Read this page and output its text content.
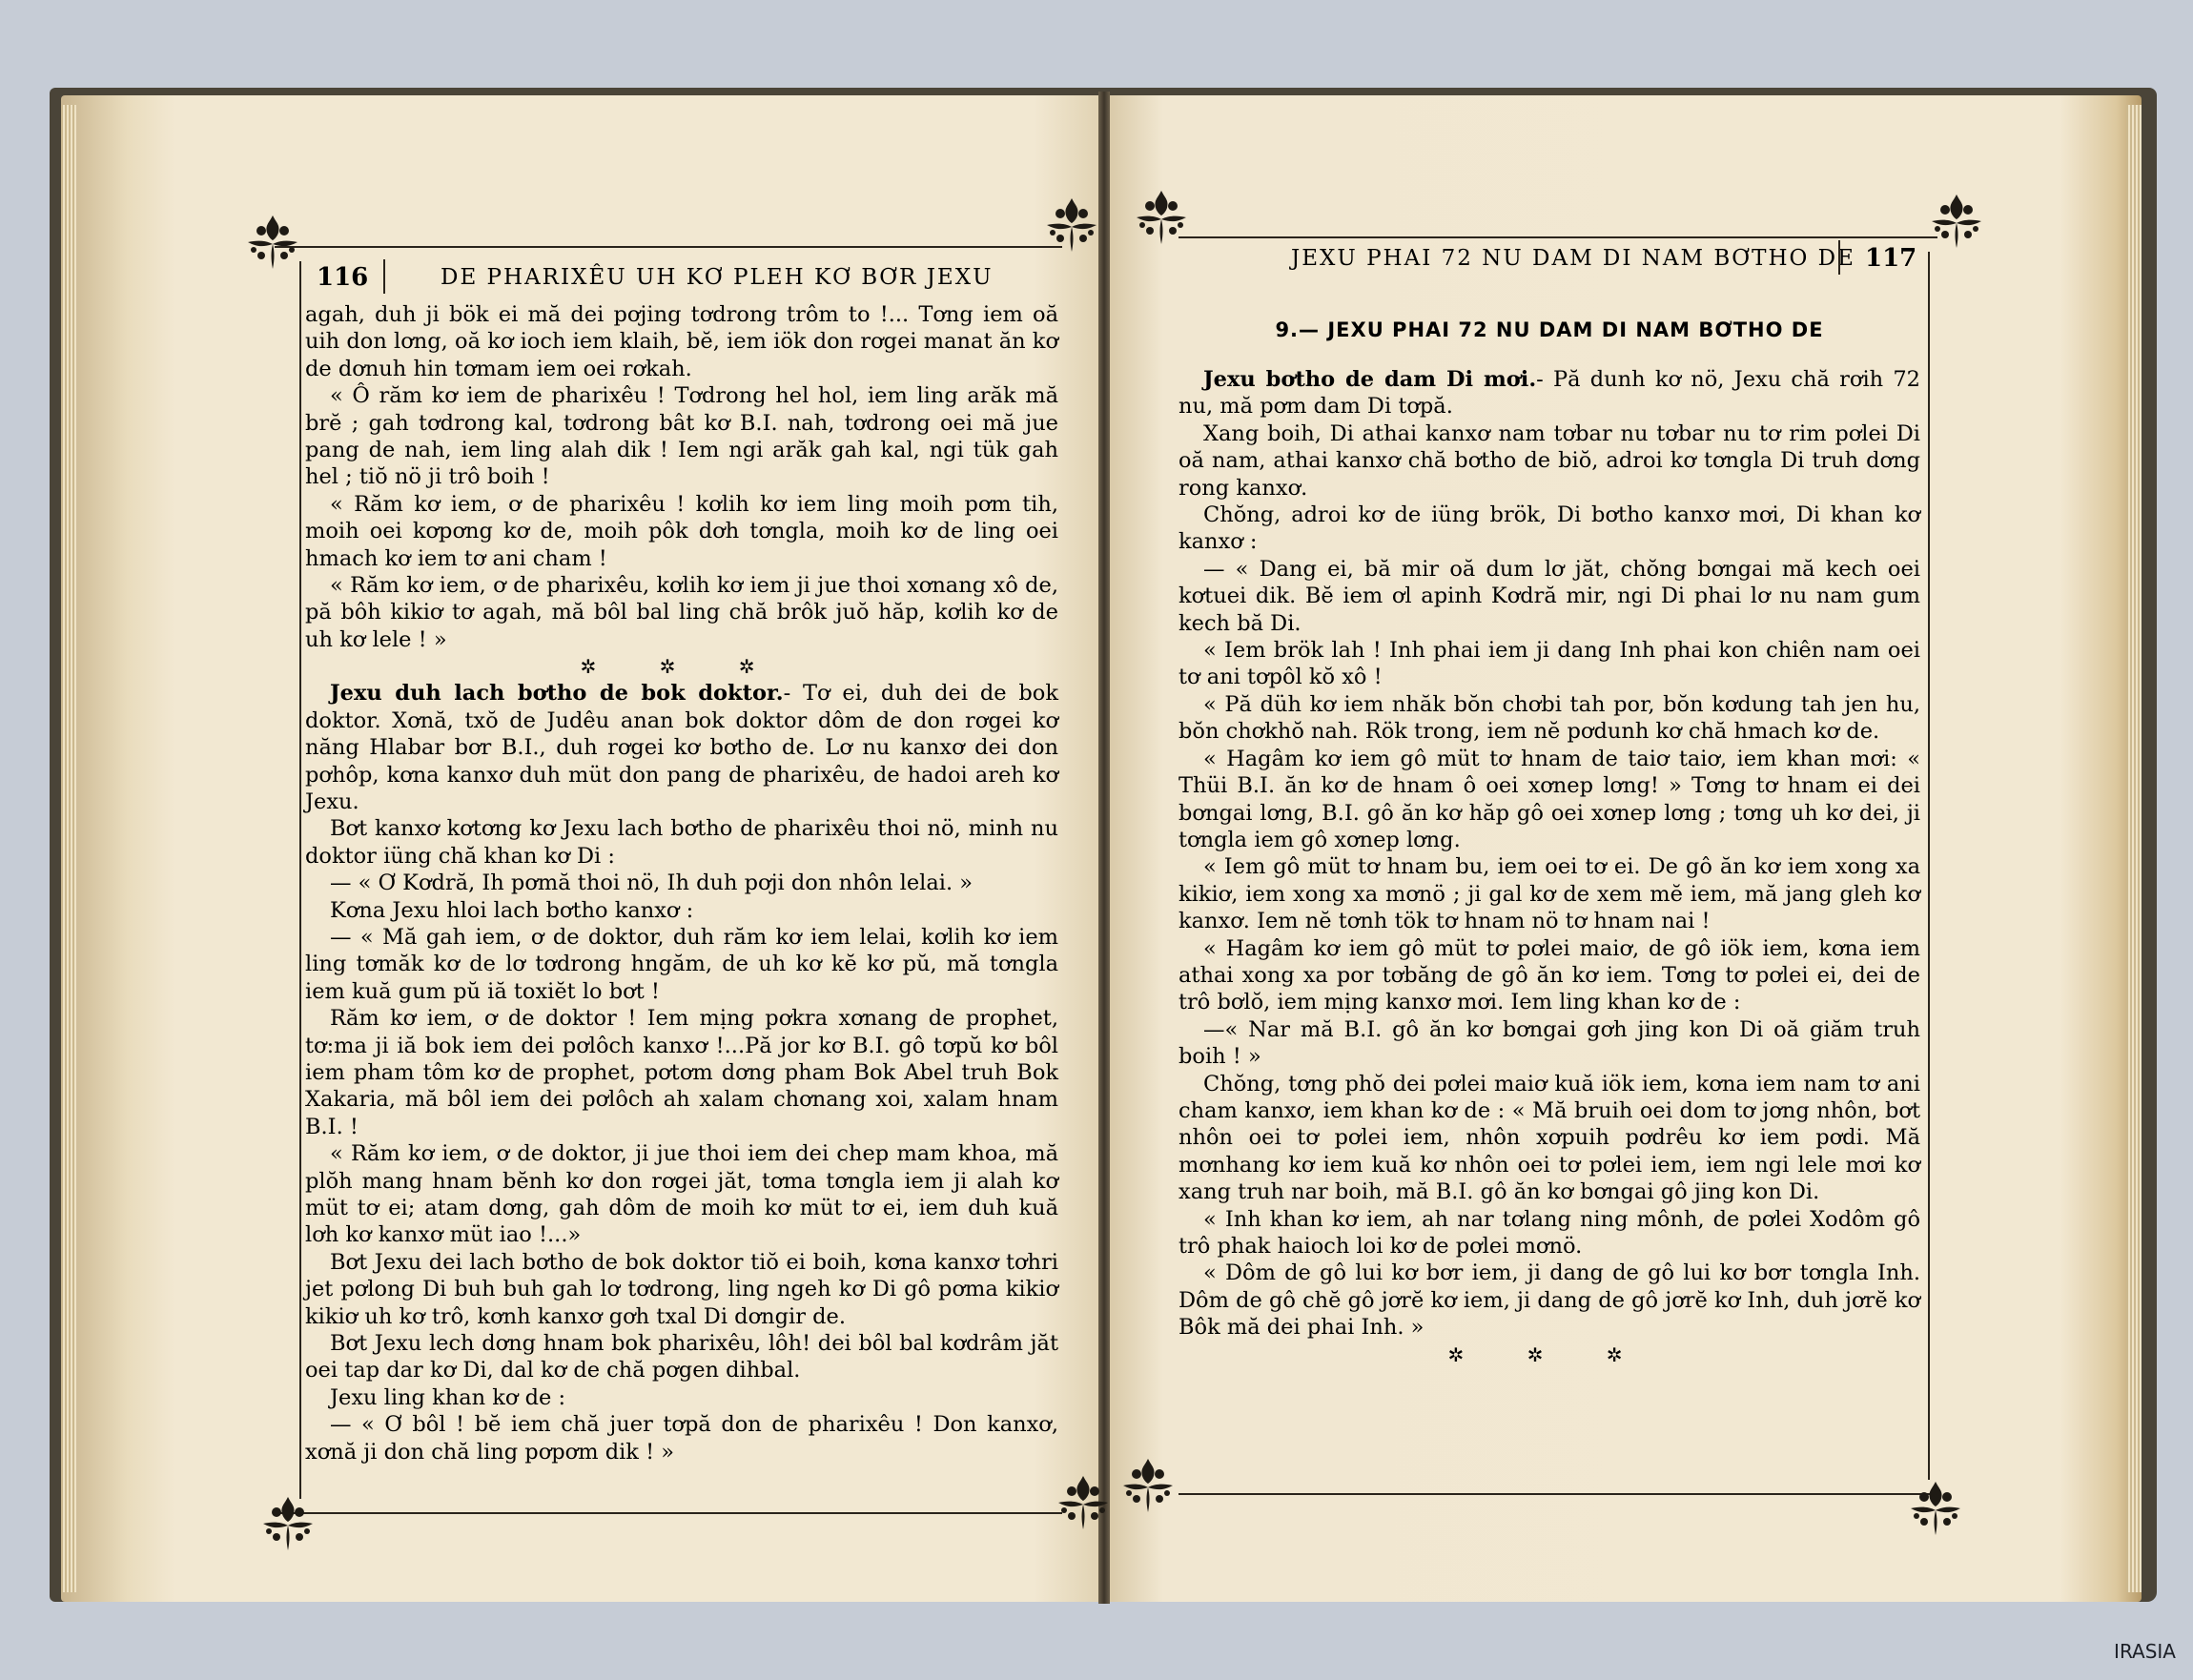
116	DE PHARIXÊU UH KƠ PLEH KƠ BƠR JEXU

agah, duh ji bök ei mă dei pơjing tơdrong trôm to !... Tơng iem oă uih don lơng, oă kơ ioch iem klaih, bĕ, iem iök don rơgei manat ăn kơ de dơnuh hin tơmam iem oei rơkah.

« Ô răm kơ iem de pharixêu ! Tơdrong hel hol, iem ling arăk mă brĕ ; gah tơdrong kal, tơdrong bât kơ B.I. nah, tơdrong oei mă jue pang de nah, iem ling alah dik ! Iem ngi arăk gah kal, ngi tük gah hel ; tiŏ nö ji trô boih !

« Răm kơ iem, ơ de pharixêu ! kơlih kơ iem ling moih pơm tih, moih oei kơpơng kơ de, moih pôk dơh tơngla, moih kơ de ling oei hmach kơ iem tơ ani cham !

« Răm kơ iem, ơ de pharixêu, kơlih kơ iem ji jue thoi xơnang xô de, pă bôh kikiơ tơ agah, mă bôl bal ling chă brôk juŏ hăp, kơlih kơ de uh kơ lele ! »

✲ ✲ ✲

Jexu duh lach bơtho de bok doktor.- Tơ ei, duh dei de bok doktor. Xơnă, txŏ de Judêu anan bok doktor dôm de don rơgei kơ năng Hlabar bơr B.I., duh rơgei kơ bơtho de. Lơ nu kanxơ dei don pơhôp, kơna kanxơ duh müt don pang de pharixêu, de hadoi areh kơ Jexu.

Bơt kanxơ kơtơng kơ Jexu lach bơtho de pharixêu thoi nö, minh nu doktor iüng chă khan kơ Di :

— « Ơ Kơdră, Ih pơmă thoi nö, Ih duh pơji don nhôn lelai. »

Kơna Jexu hloi lach bơtho kanxơ :

— « Mă gah iem, ơ de doktor, duh răm kơ iem lelai, kơlih kơ iem ling tơmăk kơ de lơ tơdrong hngăm, de uh kơ kĕ kơ pŭ, mă tơngla iem kuă gum pŭ iă toxiĕt lo bơt !

Răm kơ iem, ơ de doktor ! Iem mịng pơkra xơnang de prophet, tơ:ma ji iă bok iem dei pơlôch kanxơ !...Pă jor kơ B.I. gô tơpŭ kơ bôl iem pham tôm kơ de prophet, pơtơm dơng pham Bok Abel truh Bok Xakaria, mă bôl iem dei pơlôch ah xalam chơnang xoi, xalam hnam B.I. !

« Răm kơ iem, ơ de doktor, ji jue thoi iem dei chep mam khoa, mă plŏh mang hnam bĕnh kơ don rơgei jăt, tơma tơngla iem ji alah kơ müt tơ ei; atam dơng, gah dôm de moih kơ müt tơ ei, iem duh kuă lơh kơ kanxơ müt iao !...»

Bơt Jexu dei lach bơtho de bok doktor tiŏ ei boih, kơna kanxơ tơhri jet pơlong Di buh buh gah lơ tơdrong, ling ngeh kơ Di gô pơma kikiơ kikiơ uh kơ trô, kơnh kanxơ gơh txal Di dơngir de.

Bơt Jexu lech dơng hnam bok pharixêu, lôh! dei bôl bal kơdrâm jăt oei tap dar kơ Di, dal kơ de chă pơgen dihbal.

Jexu ling khan kơ de :

— « Ơ bôl ! bĕ iem chă juer tơpă don de pharixêu ! Don kanxơ, xơnă ji don chă ling pơpơm dik ! »

JEXU PHAI 72 NU DAM DI NAM BƠTHO DE 117
9.— JEXU PHAI 72 NU DAM DI NAM BƠTHO DE

Jexu bơtho de dam Di mơi.- Pă dunh kơ nö, Jexu chă rơih 72 nu, mă pơm dam Di tơpă.

Xang boih, Di athai kanxơ nam tơbar nu tơbar nu tơ rim pơlei Di oă nam, athai kanxơ chă bơtho de biŏ, adroi kơ tơngla Di truh dơng rong kanxơ.

Chŏng, adroi kơ de iüng brök, Di bơtho kanxơ mơi, Di khan kơ kanxơ :

— « Dang ei, bă mir oă dum lơ jăt, chŏng bơngai mă kech oei kơtuei dik. Bĕ iem ơl apinh Kơdră mir, ngi Di phai lơ nu nam gum kech bă Di.

« Iem brök lah ! Inh phai iem ji dang Inh phai kon chiên nam oei tơ ani tơpôl kŏ xô !

« Pă düh kơ iem nhăk bŏn chơbi tah por, bŏn kơdung tah jen hu, bŏn chơkhŏ nah. Rök trong, iem nĕ pơdunh kơ chă hmach kơ de.

« Hagâm kơ iem gô müt tơ hnam de taiơ taiơ, iem khan mơi: « Thüi B.I. ăn kơ de hnam ô oei xơnep lơng! » Tơng tơ hnam ei dei bơngai lơng, B.I. gô ăn kơ hăp gô oei xơnep lơng ; tơng uh kơ dei, ji tơngla iem gô xơnep lơng.

« Iem gô müt tơ hnam bu, iem oei tơ ei. De gô ăn kơ iem xong xa kikiơ, iem xong xa mơnö ; ji gal kơ de xem mĕ iem, mă jang gleh kơ kanxơ. Iem nĕ tơnh tök tơ hnam nö tơ hnam nai !

« Hagâm kơ iem gô müt tơ pơlei maiơ, de gô iök iem, kơna iem athai xong xa por tơbăng de gô ăn kơ iem. Tơng tơ pơlei ei, dei de trô bơlŏ, iem mịng kanxơ mơi. Iem ling khan kơ de :

—« Nar mă B.I. gô ăn kơ bơngai gơh jing kon Di oă giăm truh boih ! »

Chŏng, tơng phŏ dei pơlei maiơ kuă iök iem, kơna iem nam tơ ani cham kanxơ, iem khan kơ de : « Mă bruih oei dom tơ jơng nhôn, bơt nhôn oei tơ pơlei iem, nhôn xơpuih pơdrêu kơ iem pơdi. Mă mơnhang kơ iem kuă kơ nhôn oei tơ pơlei iem, iem ngi lele mơi kơ xang truh nar boih, mă B.I. gô ăn kơ bơngai gô jing kon Di.

« Inh khan kơ iem, ah nar tơlang ning mônh, de pơlei Xodôm gô trô phak haioch loi kơ de pơlei mơnö.

« Dôm de gô lui kơ bơr iem, ji dang de gô lui kơ bơr tơngla Inh. Dôm de gô chĕ gô jơrĕ kơ iem, ji dang de gô jơrĕ kơ Inh, duh jơrĕ kơ Bôk mă dei phai Inh. »

✲ ✲ ✲

IRASIA
